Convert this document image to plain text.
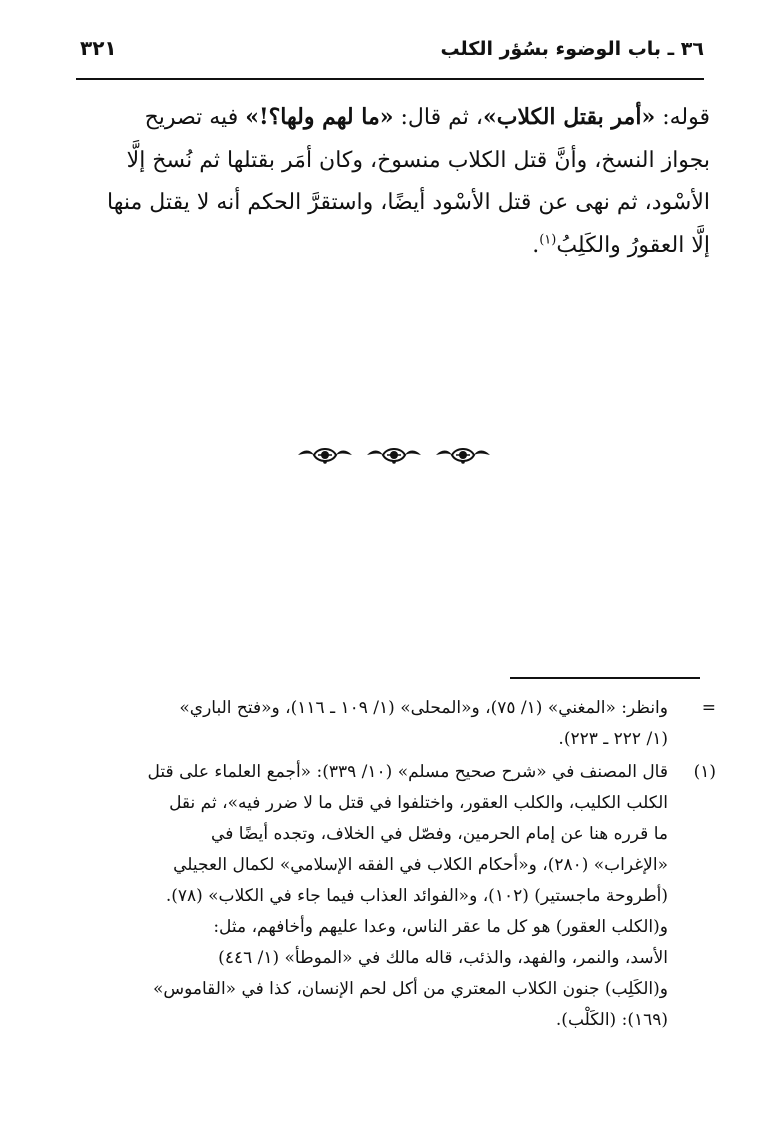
٣٦ ـ باب الوضوء بسُؤر الكلب
٣٢١
قوله: «أمر بقتل الكلاب»، ثم قال: «ما لهم ولها؟!» فيه تصريح
بجواز النسخ، وأنَّ قتل الكلاب منسوخ، وكان أمَر بقتلها ثم نُسخ إلَّا
الأسْود، ثم نهى عن قتل الأسْود أيضًا، واستقرَّ الحكم أنه لا يقتل منها
إلَّا العقورُ والكَلِبُ$^{(١)}$.
=
وانظر: «المغني» (١/ ٧٥)، و«المحلى» (١/ ١٠٩ ـ ١١٦)، و«فتح الباري»
(١/ ٢٢٢ ـ ٢٢٣).
(١)
قال المصنف في «شرح صحيح مسلم» (١٠/ ٣٣٩): «أجمع العلماء على قتل
الكلب الكليب، والكلب العقور، واختلفوا في قتل ما لا ضرر فيه»، ثم نقل
ما قرره هنا عن إمام الحرمين، وفصّل في الخلاف، وتجده أيضًا في
«الإغراب» (٢٨٠)، و«أحكام الكلاب في الفقه الإسلامي» لكمال العجيلي
(أطروحة ماجستير) (١٠٢)، و«الفوائد العذاب فيما جاء في الكلاب» (٧٨).
و(الكلب العقور) هو كل ما عقر الناس، وعدا عليهم وأخافهم، مثل:
الأسد، والنمر، والفهد، والذئب، قاله مالك في «الموطأ» (١/ ٤٤٦)
و(الكَلِب) جنون الكلاب المعتري من أكل لحم الإنسان، كذا في «القاموس»
(١٦٩): (الكَلْب).
